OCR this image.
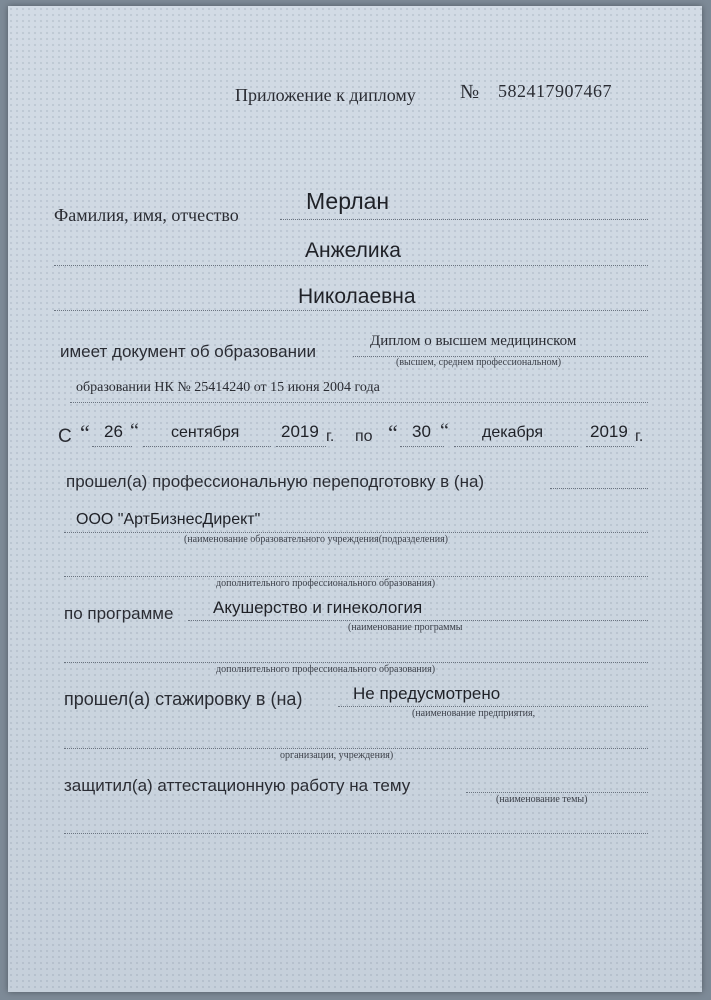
Приложение к диплому № 582417907467
Фамилия, имя, отчество
Мерлан
Анжелика
Николаевна
имеет документ об образовании
Диплом о высшем медицинском
(высшем, среднем профессиональном)
образовании НК № 25414240 от 15 июня 2004 года
С “ 26 “ сентября 2019 г. по “ 30 “ декабря	2019 г.
прошел(а) профессиональную переподготовку в (на)
ООО "АртБизнесДирект"
(наименование образовательного учреждения(подразделения)
дополнительного профессионального образования)
по программе Акушерство и гинекология
(наименование программы
дополнительного профессионального образования)
прошел(а) стажировку в (на)	Не предусмотрено
(наименование предприятия,
организации, учреждения)
защитил(а) аттестационную работу на тему
(наименование темы)
